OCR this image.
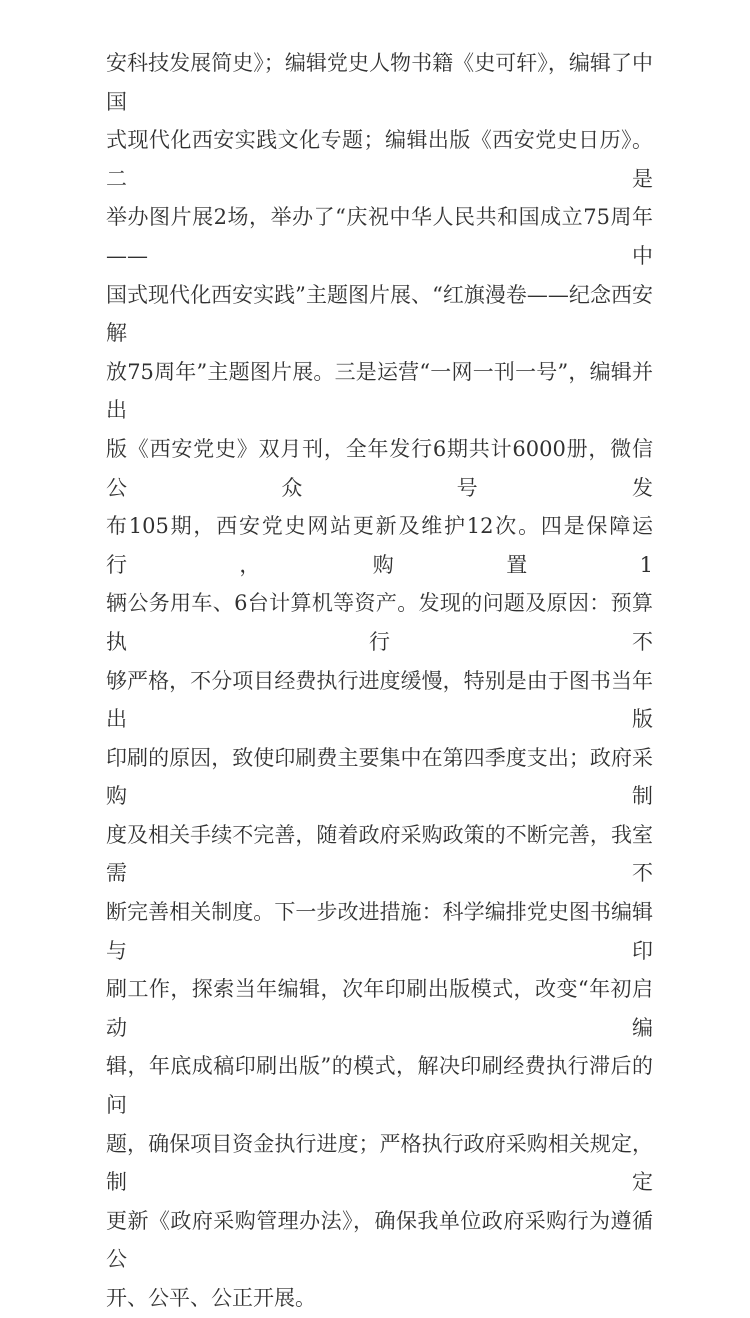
安科技发展简史》；编辑党史人物书籍《史可轩》，编辑了中国
式现代化西安实践文化专题；编辑出版《西安党史日历》。二是
举办图片展2场，举办了“庆祝中华人民共和国成立75周年——中
国式现代化西安实践”主题图片展、“红旗漫卷——纪念西安解
放75周年”主题图片展。三是运营“一网一刊一号”，编辑并出
版《西安党史》双月刊，全年发行6期共计6000册，微信公众号发
布105期，西安党史网站更新及维护12次。四是保障运行，购置1
辆公务用车、6台计算机等资产。发现的问题及原因：预算执行不
够严格，不分项目经费执行进度缓慢，特别是由于图书当年出版
印刷的原因，致使印刷费主要集中在第四季度支出；政府采购制
度及相关手续不完善，随着政府采购政策的不断完善，我室需不
断完善相关制度。下一步改进措施：科学编排党史图书编辑与印
刷工作，探索当年编辑，次年印刷出版模式，改变“年初启动编
辑，年底成稿印刷出版”的模式，解决印刷经费执行滞后的问
题，确保项目资金执行进度；严格执行政府采购相关规定，制定
更新《政府采购管理办法》，确保我单位政府采购行为遵循公
开、公平、公正开展。
